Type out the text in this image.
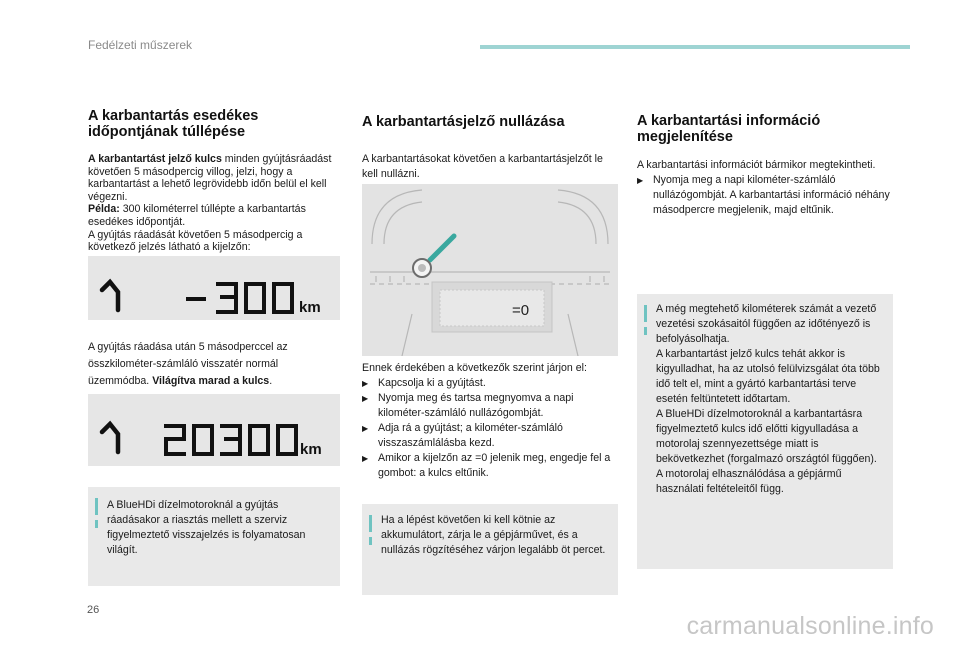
Fedélzeti műszerek
A karbantartás esedékes időpontjának túllépése

A karbantartást jelző kulcs minden gyújtásráadást követően 5 másodpercig villog, jelzi, hogy a karbantartást a lehető legrövidebb időn belül el kell végezni.

Példa: 300 kilométerrel túllépte a karbantartás esedékes időpontját.

A gyújtás ráadását követően 5 másodpercig a következő jelzés látható a kijelzőn:

km

A gyújtás ráadása után 5 másodperccel az összkilométer-számláló visszatér normál üzemmódba. Világítva marad a kulcs.

km
A BlueHDi dízelmotoroknál a gyújtás ráadásakor a riasztás mellett a szerviz figyelmeztető visszajelzés is folyamatosan világít.
A karbantartásjelző nullázása

A karbantartásokat követően a karbantartásjelzőt le kell nullázni.

=0

Ennek érdekében a következők szerint járjon el:

▶ Kapcsolja ki a gyújtást.
▶ Nyomja meg és tartsa megnyomva a napi kilométer-számláló nullázógombját.
▶ Adja rá a gyújtást; a kilométer-számláló visszaszámlálásba kezd.
▶ Amikor a kijelzőn az =0 jelenik meg, engedje fel a gombot: a kulcs eltűnik.
Ha a lépést követően ki kell kötnie az akkumulátort, zárja le a gépjárművet, és a nullázás rögzítéséhez várjon legalább öt percet.
A karbantartási információ megjelenítése

A karbantartási információt bármikor megtekintheti.

▶ Nyomja meg a napi kilométer-számláló nullázógombját. A karbantartási információ néhány másodpercre megjelenik, majd eltűnik.
A még megtehető kilométerek számát a vezető vezetési szokásaitól függően az időtényező is befolyásolhatja.
A karbantartást jelző kulcs tehát akkor is kigyulladhat, ha az utolsó felülvizsgálat óta több idő telt el, mint a gyártó karbantartási terve esetén feltüntetett időtartam.
A BlueHDi dízelmotoroknál a karbantartásra figyelmeztető kulcs idő előtti kigyulladása a motorolaj szennyezettsége miatt is bekövetkezhet (forgalmazó országtól függően).
A motorolaj elhasználódása a gépjármű használati feltételeitől függ.
26
carmanualsonline.info
